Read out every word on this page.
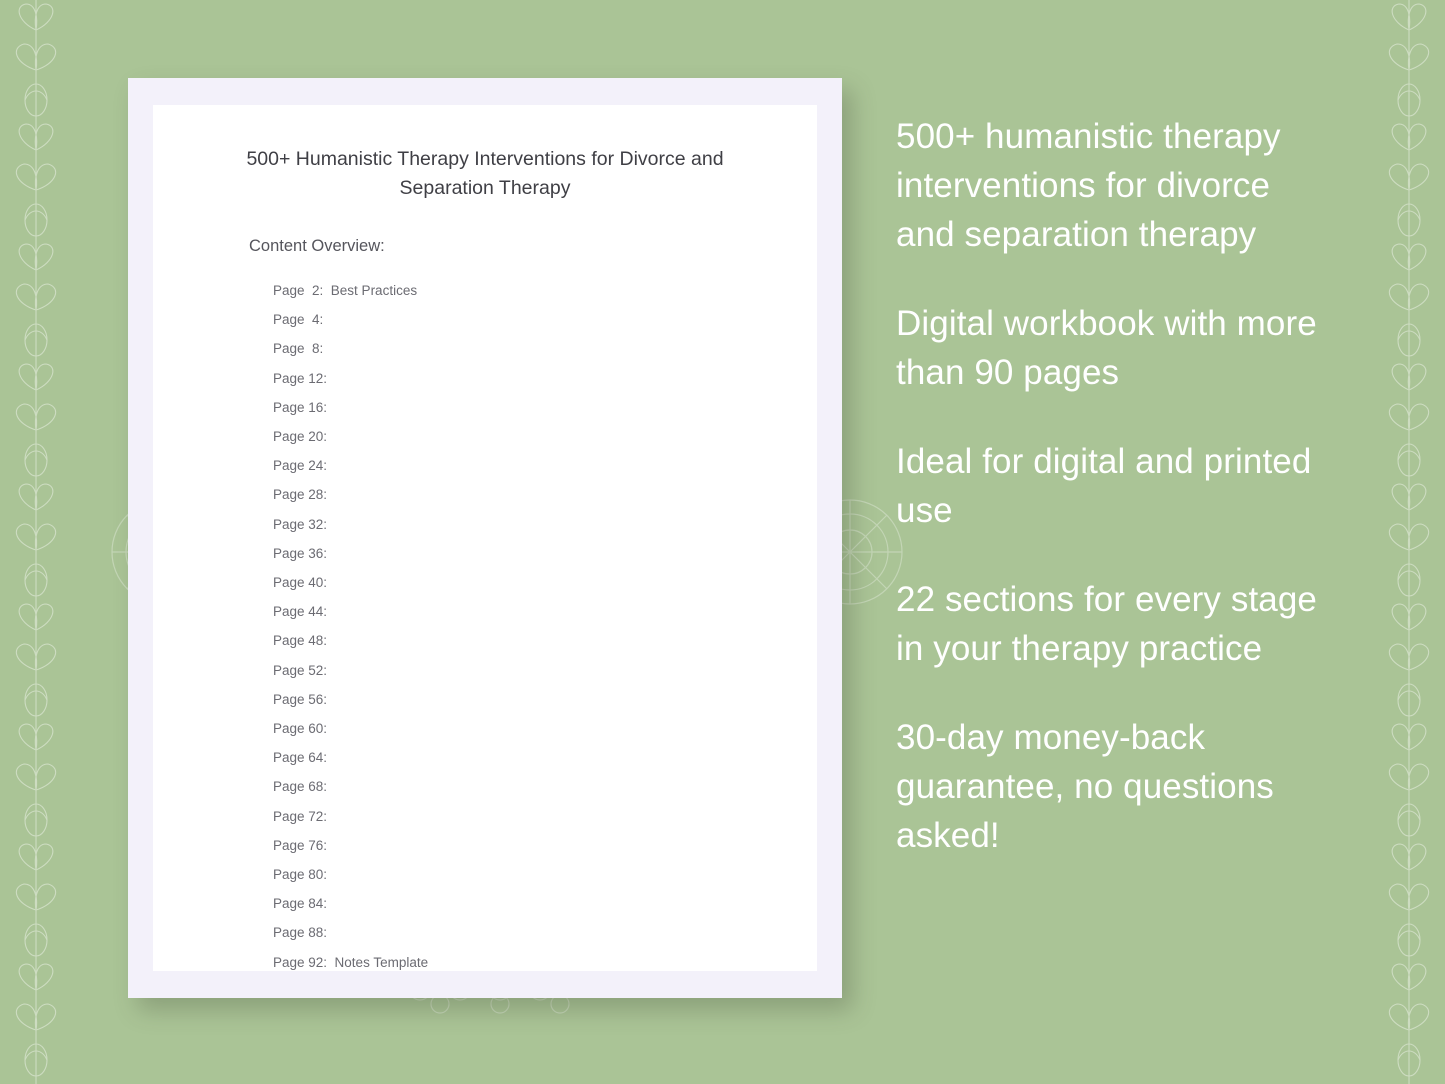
500+ Humanistic Therapy Interventions for Divorce and Separation Therapy
Content Overview:
Page  2:  Best Practices
Page  4:
Page  8:
Page 12:
Page 16:
Page 20:
Page 24:
Page 28:
Page 32:
Page 36:
Page 40:
Page 44:
Page 48:
Page 52:
Page 56:
Page 60:
Page 64:
Page 68:
Page 72:
Page 76:
Page 80:
Page 84:
Page 88:
Page 92:  Notes Template
500+ humanistic therapy interventions for divorce and separation therapy
Digital workbook with more than 90 pages
Ideal for digital and printed use
22 sections for every stage in your therapy practice
30-day money-back guarantee, no questions asked!
